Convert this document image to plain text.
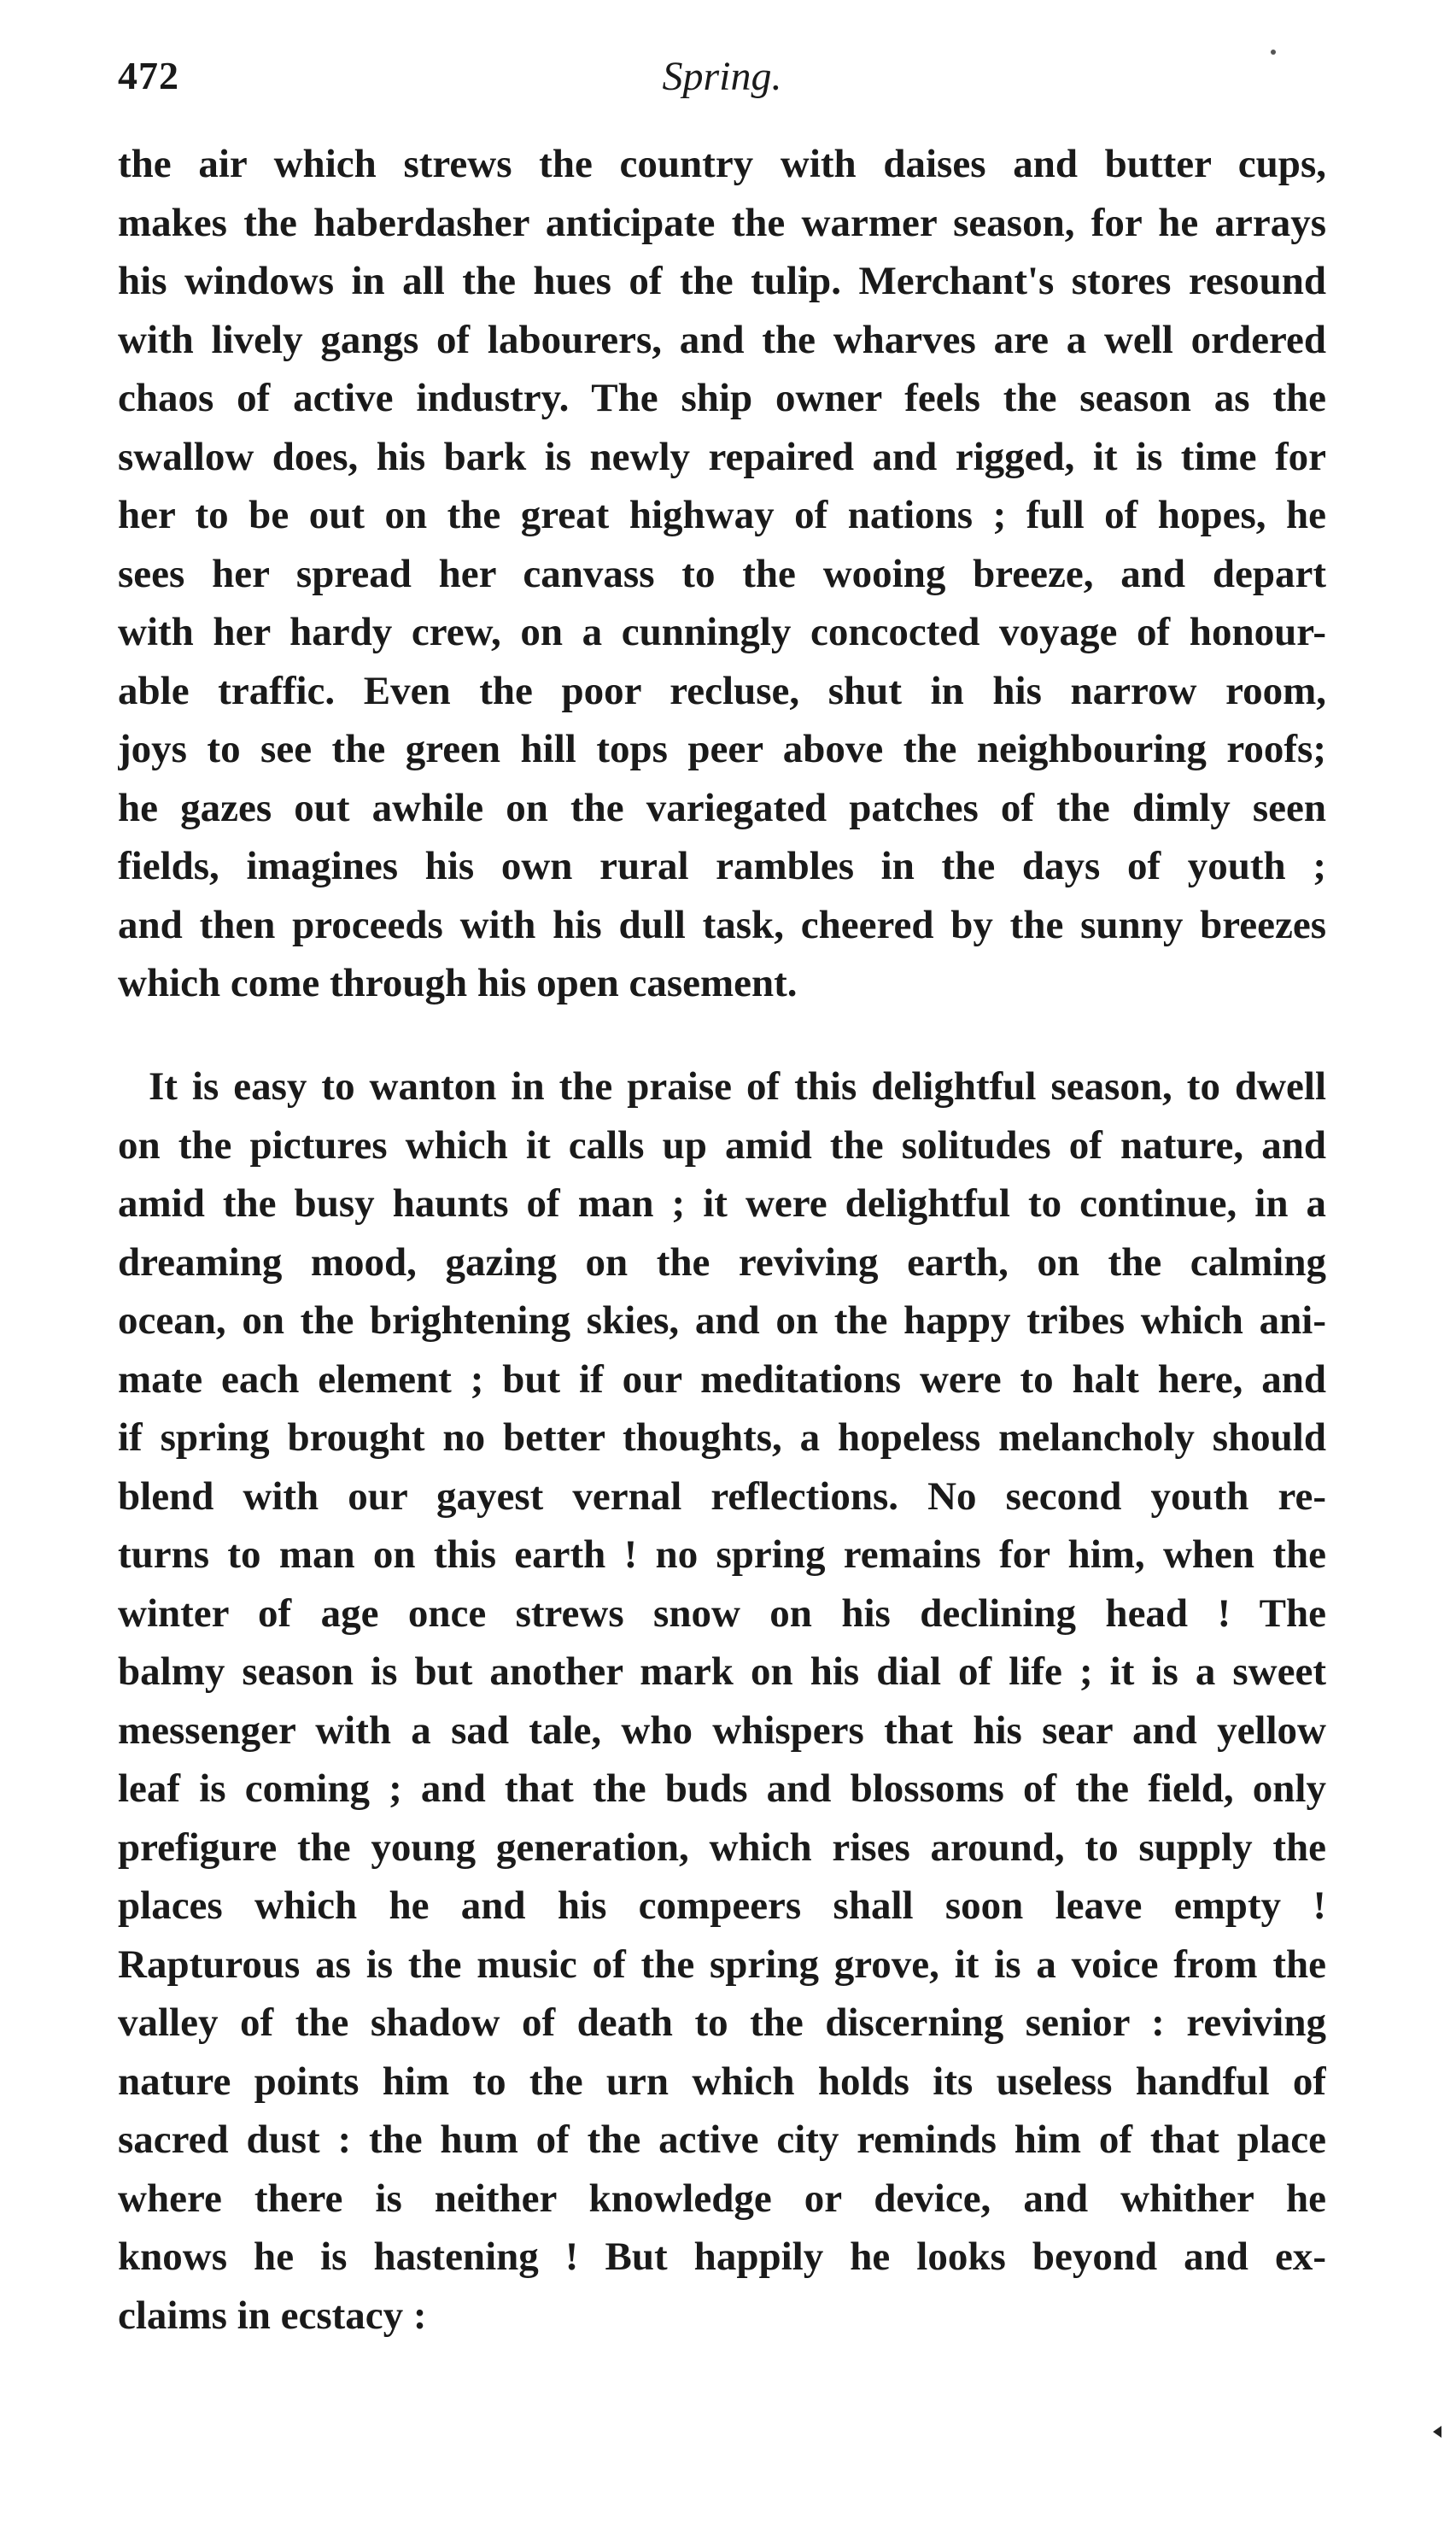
472	Spring.
the air which strews the country with daises and butter cups,
makes the haberdasher anticipate the warmer season, for he arrays
his windows in all the hues of the tulip. Merchant's stores resound
with lively gangs of labourers, and the wharves are a well ordered
chaos of active industry. The ship owner feels the season as the
swallow does, his bark is newly repaired and rigged, it is time for
her to be out on the great highway of nations ; full of hopes, he
sees her spread her canvass to the wooing breeze, and depart
with her hardy crew, on a cunningly concocted voyage of honour-
able traffic. Even the poor recluse, shut in his narrow room,
joys to see the green hill tops peer above the neighbouring roofs;
he gazes out awhile on the variegated patches of the dimly seen
fields, imagines his own rural rambles in the days of youth ;
and then proceeds with his dull task, cheered by the sunny breezes
which come through his open casement.
It is easy to wanton in the praise of this delightful season, to dwell
on the pictures which it calls up amid the solitudes of nature, and
amid the busy haunts of man ; it were delightful to continue, in a
dreaming mood, gazing on the reviving earth, on the calming
ocean, on the brightening skies, and on the happy tribes which ani-
mate each element ; but if our meditations were to halt here, and
if spring brought no better thoughts, a hopeless melancholy should
blend with our gayest vernal reflections. No second youth re-
turns to man on this earth ! no spring remains for him, when the
winter of age once strews snow on his declining head ! The
balmy season is but another mark on his dial of life ; it is a sweet
messenger with a sad tale, who whispers that his sear and yellow
leaf is coming ; and that the buds and blossoms of the field, only
prefigure the young generation, which rises around, to supply the
places which he and his compeers shall soon leave empty !
Rapturous as is the music of the spring grove, it is a voice from the
valley of the shadow of death to the discerning senior : reviving
nature points him to the urn which holds its useless handful of
sacred dust : the hum of the active city reminds him of that place
where there is neither knowledge or device, and whither he
knows he is hastening ! But happily he looks beyond and ex-
claims in ecstacy :
